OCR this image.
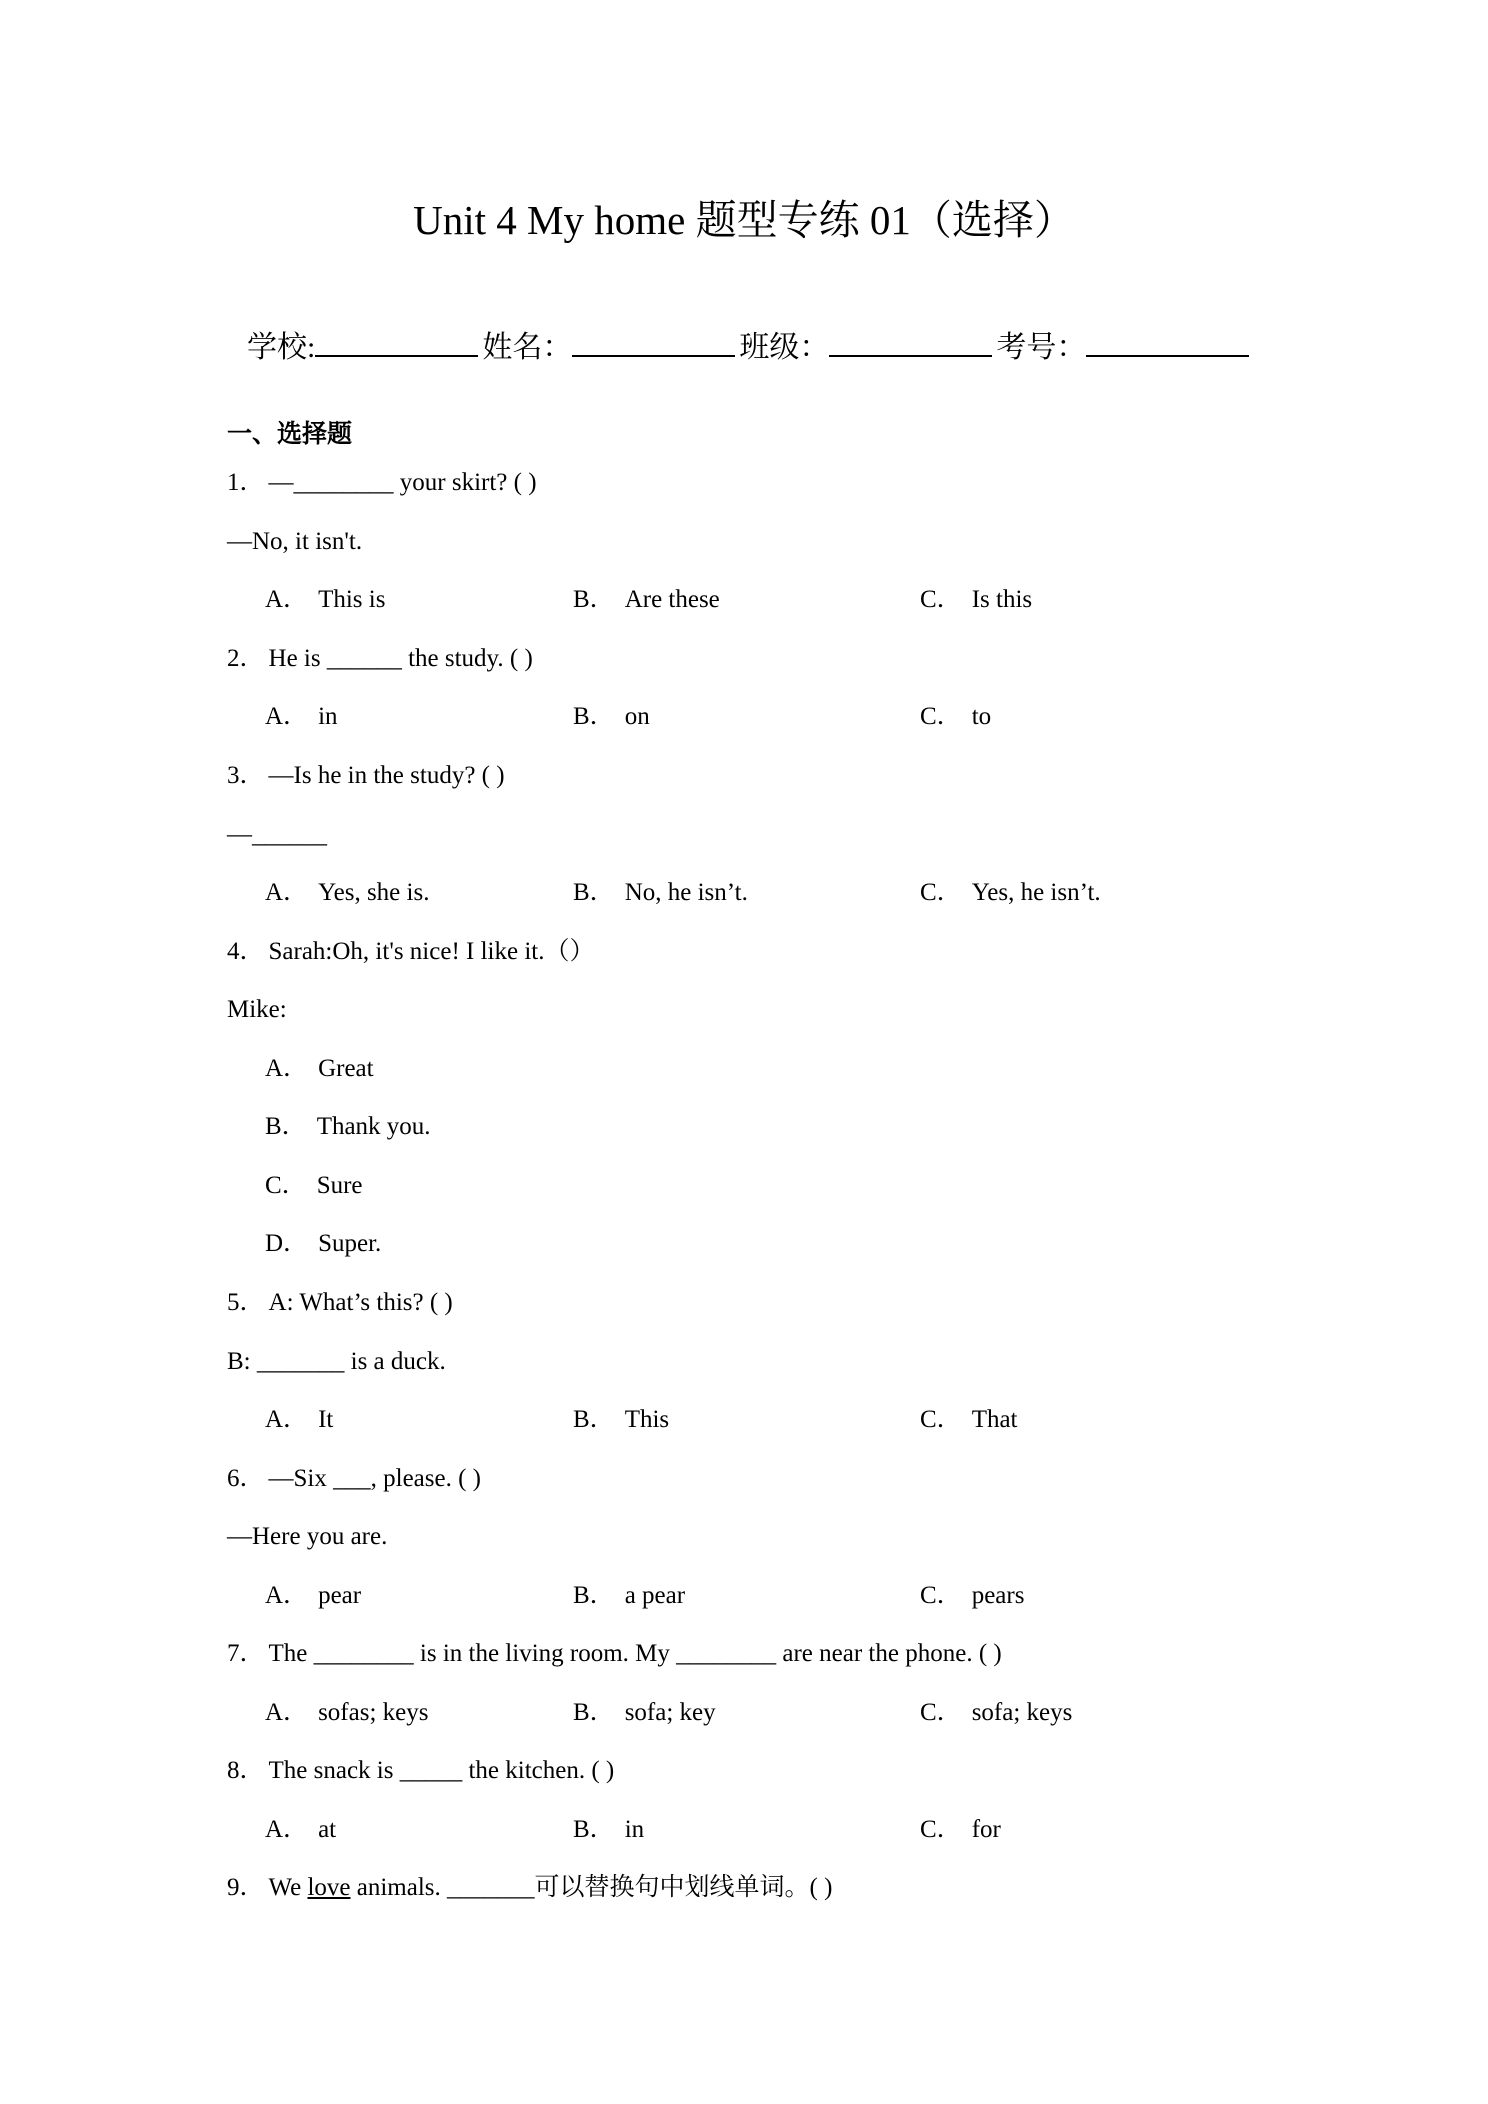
Unit 4 My home 题型专练 01（选择）
学校:	姓名：	班级：	考号：
一、选择题
1． —________ your skirt? ( )
—No, it isn't.
A． This is	B． Are these	C． Is this
2． He is ______ the study. ( )
A． in	B． on	C． to
3． —Is he in the study? ( )
—______
A． Yes, she is.	B． No, he isn’t.	C． Yes, he isn’t.
4． Sarah:Oh, it's nice! I like it.（）
Mike:
A． Great
B． Thank you.
C． Sure
D． Super.
5． A: What’s this? ( )
B: _______ is a duck.
A． It	B． This	C． That
6． —Six ___, please. ( )
—Here you are.
A． pear	B． a pear	C． pears
7． The ________ is in the living room. My ________ are near the phone. ( )
A． sofas; keys	B． sofa; key	C． sofa; keys
8． The snack is _____ the kitchen. ( )
A． at	B． in	C． for
9． We love animals. _______可以替换句中划线单词。( )
